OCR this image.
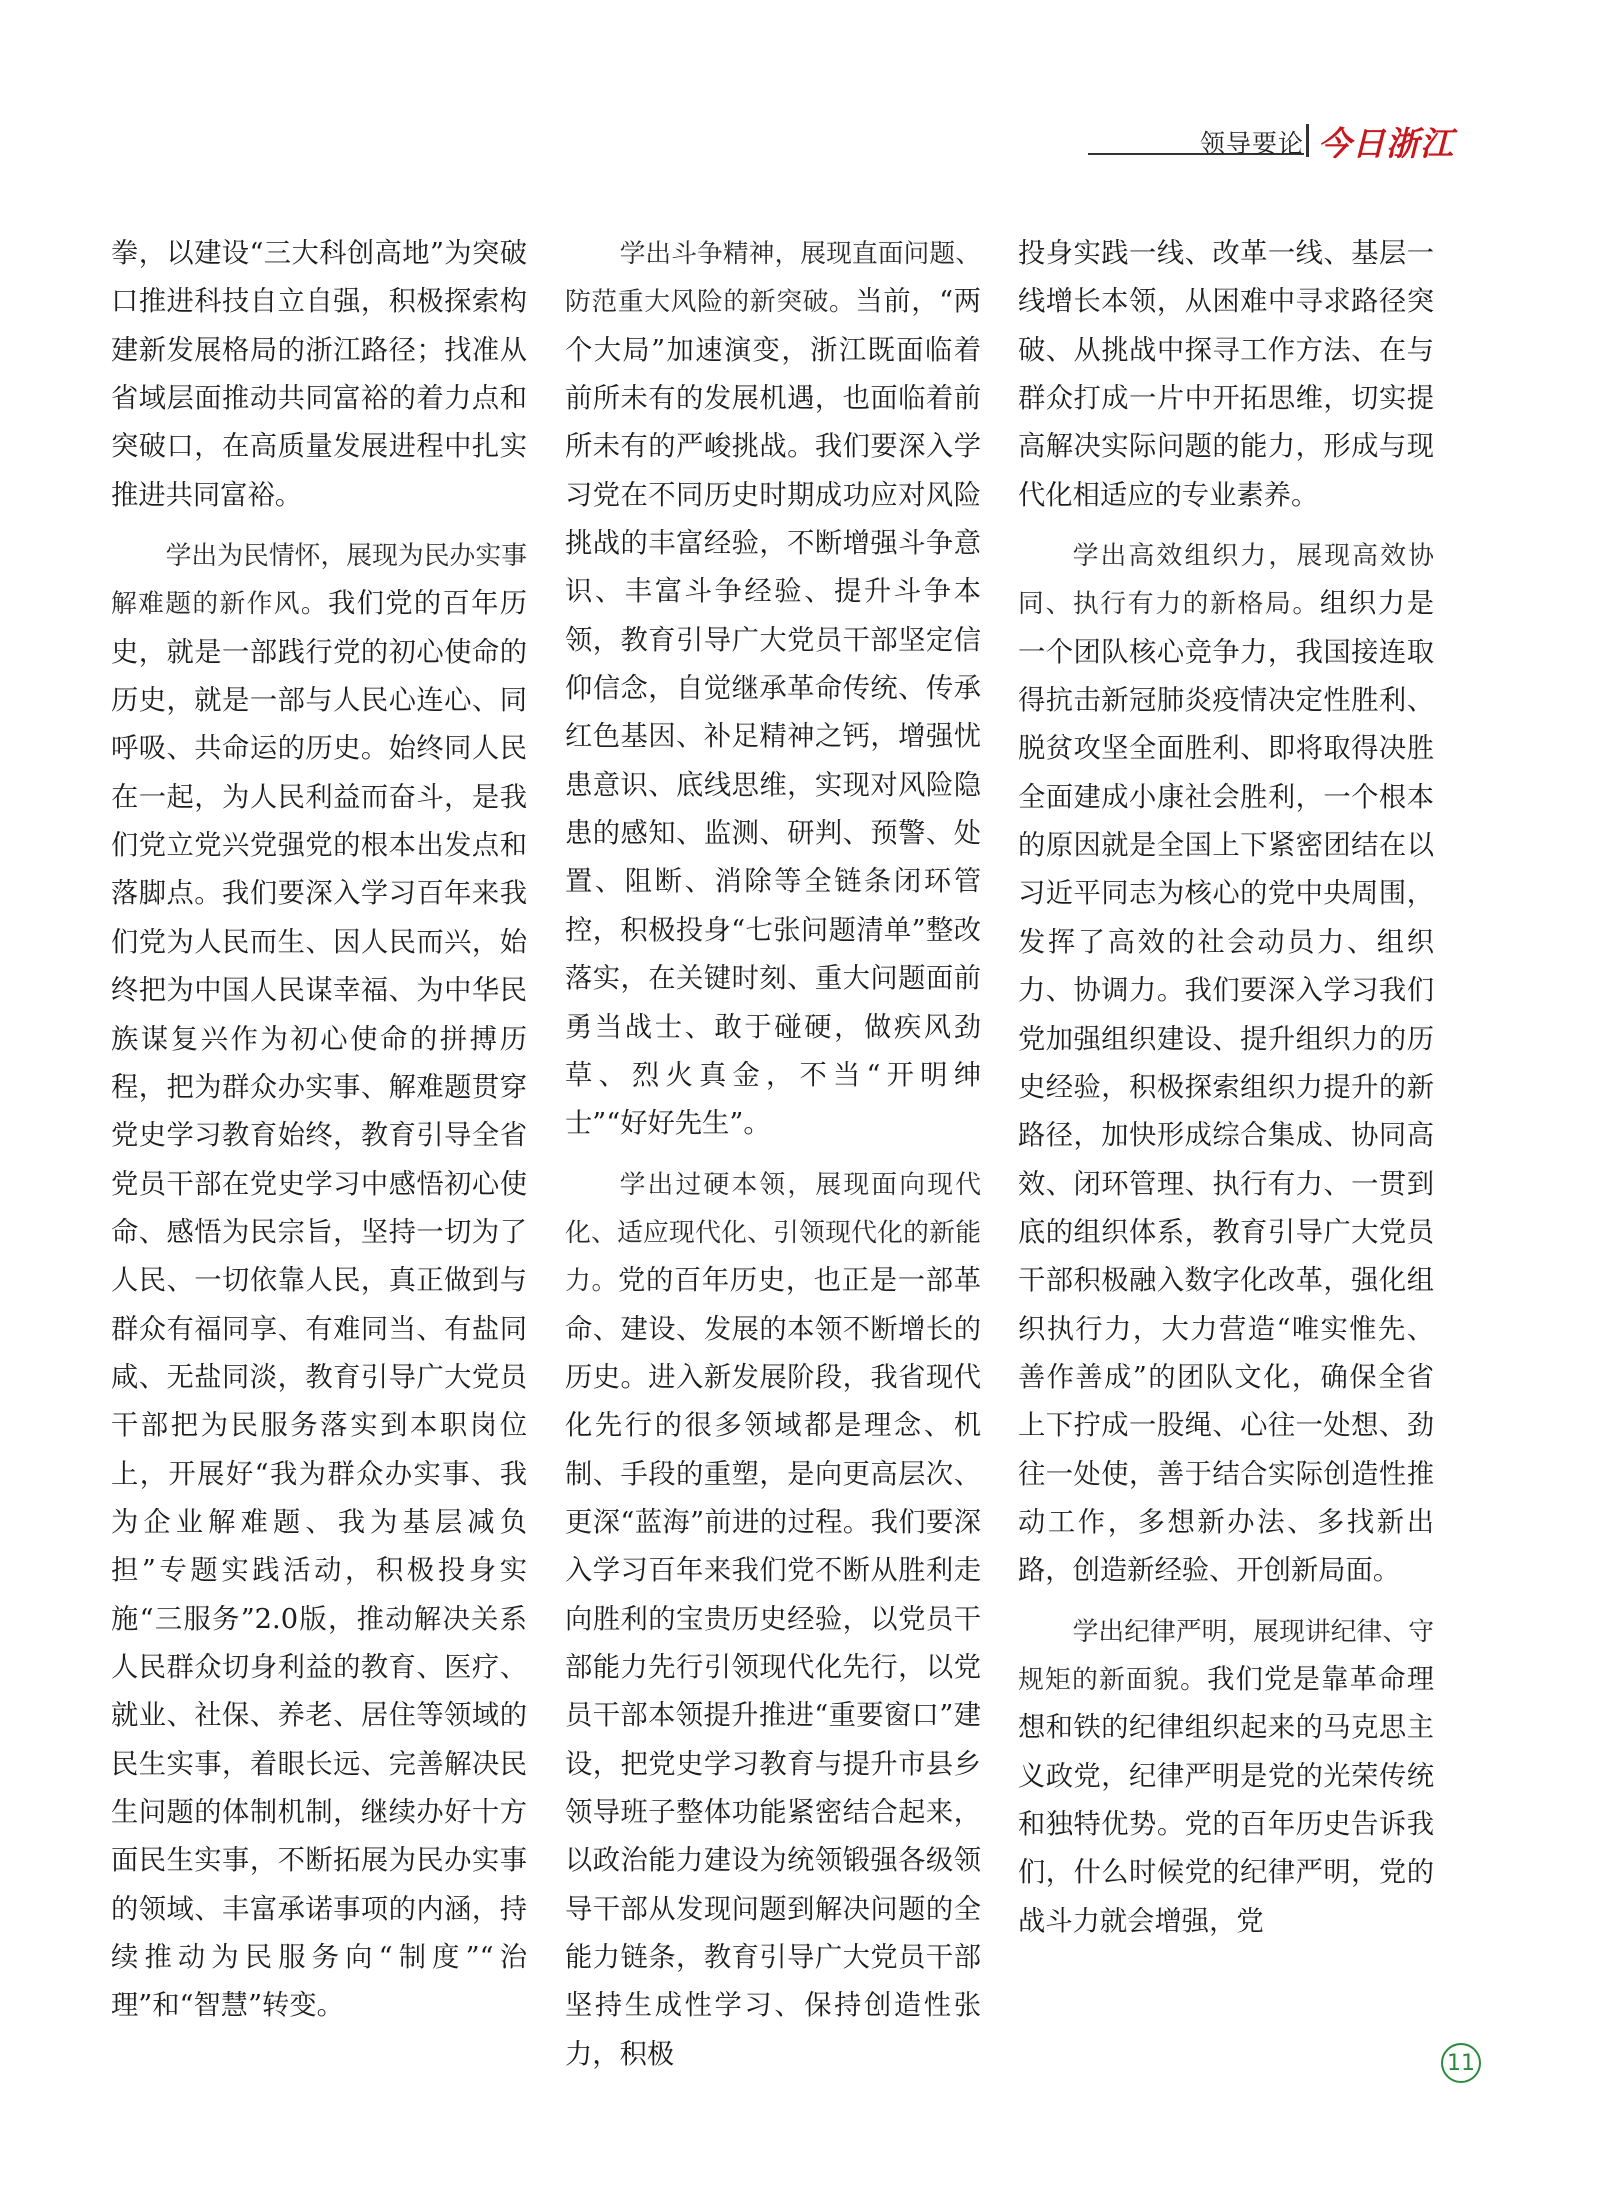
领导要论 今日浙江

拳，以建设“三大科创高地”为突破口推进科技自立自强，积极探索构建新发展格局的浙江路径；找准从省域层面推动共同富裕的着力点和突破口，在高质量发展进程中扎实推进共同富裕。

学出为民情怀，展现为民办实事解难题的新作风。我们党的百年历史，就是一部践行党的初心使命的历史，就是一部与人民心连心、同呼吸、共命运的历史。始终同人民在一起，为人民利益而奋斗，是我们党立党兴党强党的根本出发点和落脚点。我们要深入学习百年来我们党为人民而生、因人民而兴，始终把为中国人民谋幸福、为中华民族谋复兴作为初心使命的拼搏历程，把为群众办实事、解难题贯穿党史学习教育始终，教育引导全省党员干部在党史学习中感悟初心使命、感悟为民宗旨，坚持一切为了人民、一切依靠人民，真正做到与群众有福同享、有难同当、有盐同咸、无盐同淡，教育引导广大党员干部把为民服务落实到本职岗位上，开展好“我为群众办实事、我为企业解难题、我为基层减负担”专题实践活动，积极投身实施“三服务”2.0版，推动解决关系人民群众切身利益的教育、医疗、就业、社保、养老、居住等领域的民生实事，着眼长远、完善解决民生问题的体制机制，继续办好十方面民生实事，不断拓展为民办实事的领域、丰富承诺事项的内涵，持续推动为民服务向“制度”“治理”和“智慧”转变。

学出斗争精神，展现直面问题、防范重大风险的新突破。当前，“两个大局”加速演变，浙江既面临着前所未有的发展机遇，也面临着前所未有的严峻挑战。我们要深入学习党在不同历史时期成功应对风险挑战的丰富经验，不断增强斗争意识、丰富斗争经验、提升斗争本领，教育引导广大党员干部坚定信仰信念，自觉继承革命传统、传承红色基因、补足精神之钙，增强忧患意识、底线思维，实现对风险隐患的感知、监测、研判、预警、处置、阻断、消除等全链条闭环管控，积极投身“七张问题清单”整改落实，在关键时刻、重大问题面前勇当战士、敢于碰硬，做疾风劲草、烈火真金，不当“开明绅士”“好好先生”。

学出过硬本领，展现面向现代化、适应现代化、引领现代化的新能力。党的百年历史，也正是一部革命、建设、发展的本领不断增长的历史。进入新发展阶段，我省现代化先行的很多领域都是理念、机制、手段的重塑，是向更高层次、更深“蓝海”前进的过程。我们要深入学习百年来我们党不断从胜利走向胜利的宝贵历史经验，以党员干部能力先行引领现代化先行，以党员干部本领提升推进“重要窗口”建设，把党史学习教育与提升市县乡领导班子整体功能紧密结合起来，以政治能力建设为统领锻强各级领导干部从发现问题到解决问题的全能力链条，教育引导广大党员干部坚持生成性学习、保持创造性张力，积极

投身实践一线、改革一线、基层一线增长本领，从困难中寻求路径突破、从挑战中探寻工作方法、在与群众打成一片中开拓思维，切实提高解决实际问题的能力，形成与现代化相适应的专业素养。

学出高效组织力，展现高效协同、执行有力的新格局。组织力是一个团队核心竞争力，我国接连取得抗击新冠肺炎疫情决定性胜利、脱贫攻坚全面胜利、即将取得决胜全面建成小康社会胜利，一个根本的原因就是全国上下紧密团结在以习近平同志为核心的党中央周围，发挥了高效的社会动员力、组织力、协调力。我们要深入学习我们党加强组织建设、提升组织力的历史经验，积极探索组织力提升的新路径，加快形成综合集成、协同高效、闭环管理、执行有力、一贯到底的组织体系，教育引导广大党员干部积极融入数字化改革，强化组织执行力，大力营造“唯实惟先、善作善成”的团队文化，确保全省上下拧成一股绳、心往一处想、劲往一处使，善于结合实际创造性推动工作，多想新办法、多找新出路，创造新经验、开创新局面。

学出纪律严明，展现讲纪律、守规矩的新面貌。我们党是靠革命理想和铁的纪律组织起来的马克思主义政党，纪律严明是党的光荣传统和独特优势。党的百年历史告诉我们，什么时候党的纪律严明，党的战斗力就会增强，党

11
